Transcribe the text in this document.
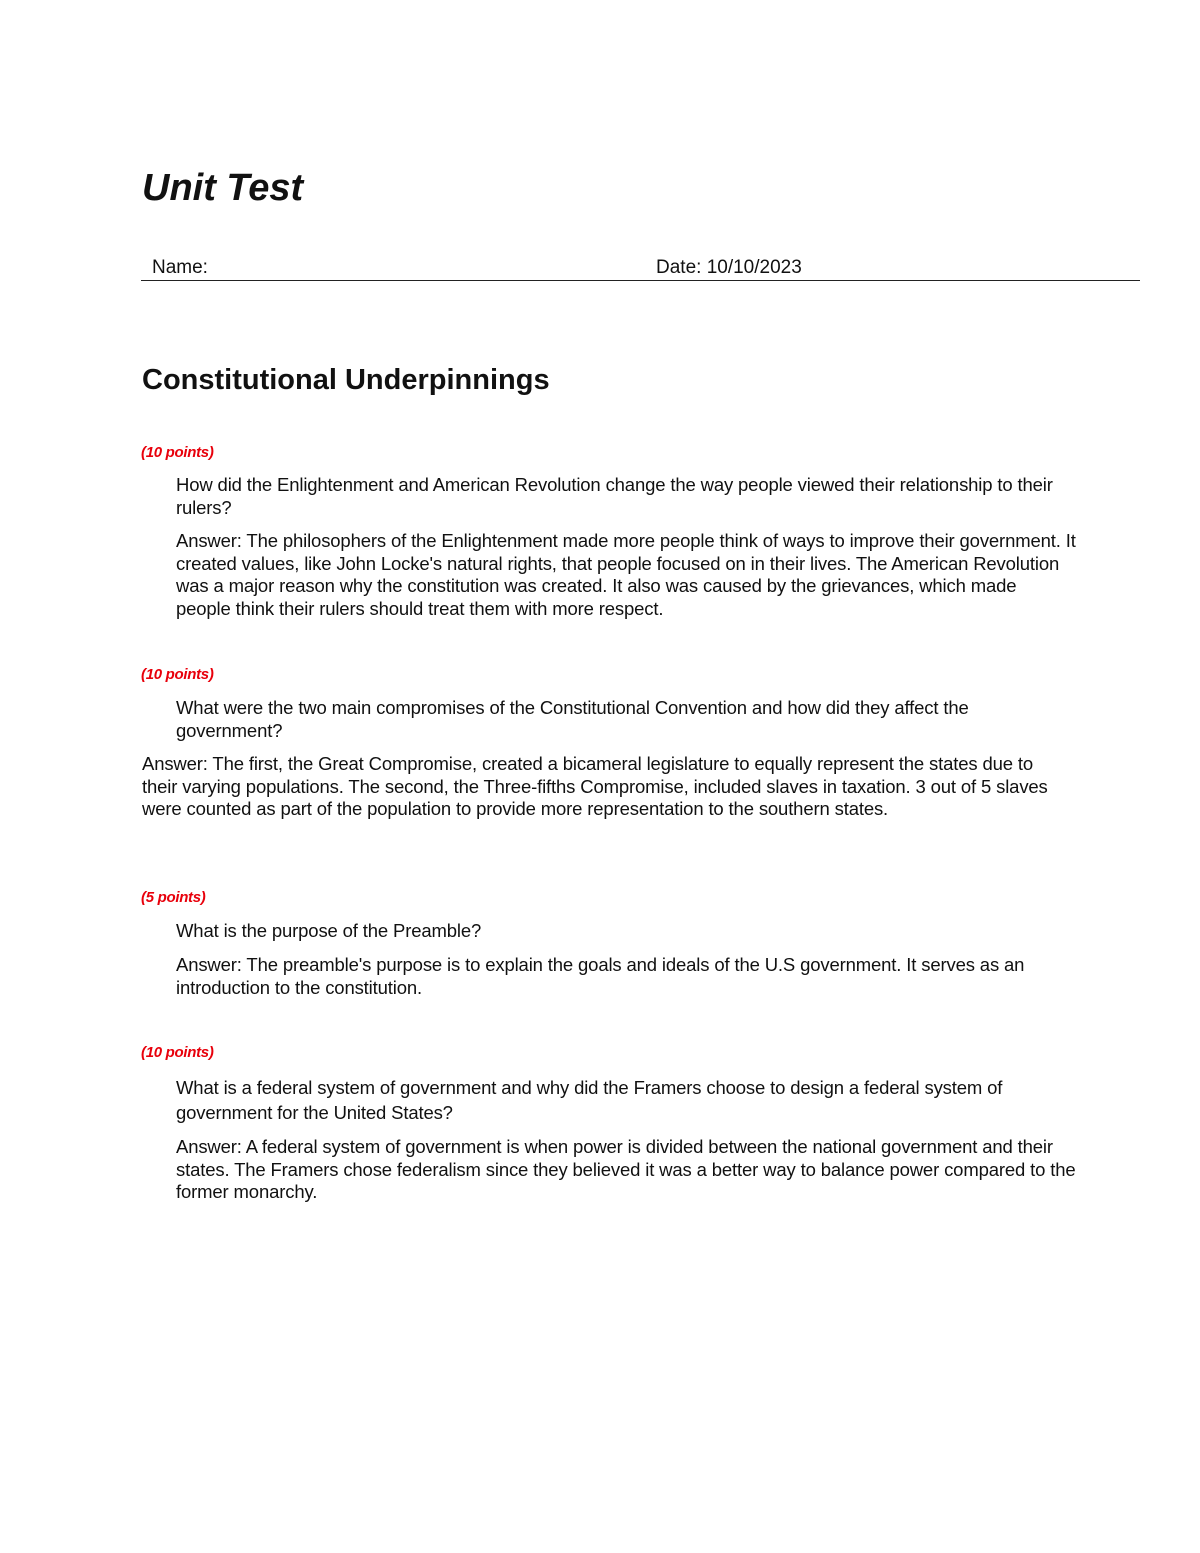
Unit Test
Name:	Date: 10/10/2023
Constitutional Underpinnings
(10 points)

How did the Enlightenment and American Revolution change the way people viewed their relationship to their rulers?

Answer: The philosophers of the Enlightenment made more people think of ways to improve their government. It created values, like John Locke's natural rights, that people focused on in their lives. The American Revolution was a major reason why the constitution was created. It also was caused by the grievances, which made people think their rulers should treat them with more respect.

(10 points)

What were the two main compromises of the Constitutional Convention and how did they affect the government?

Answer: The first, the Great Compromise, created a bicameral legislature to equally represent the states due to their varying populations. The second, the Three-fifths Compromise, included slaves in taxation. 3 out of 5 slaves were counted as part of the population to provide more representation to the southern states.

(5 points)

What is the purpose of the Preamble?

Answer: The preamble's purpose is to explain the goals and ideals of the U.S government. It serves as an introduction to the constitution.

(10 points)

What is a federal system of government and why did the Framers choose to design a federal system of government for the United States?

Answer: A federal system of government is when power is divided between the national government and their states. The Framers chose federalism since they believed it was a better way to balance power compared to the former monarchy.
